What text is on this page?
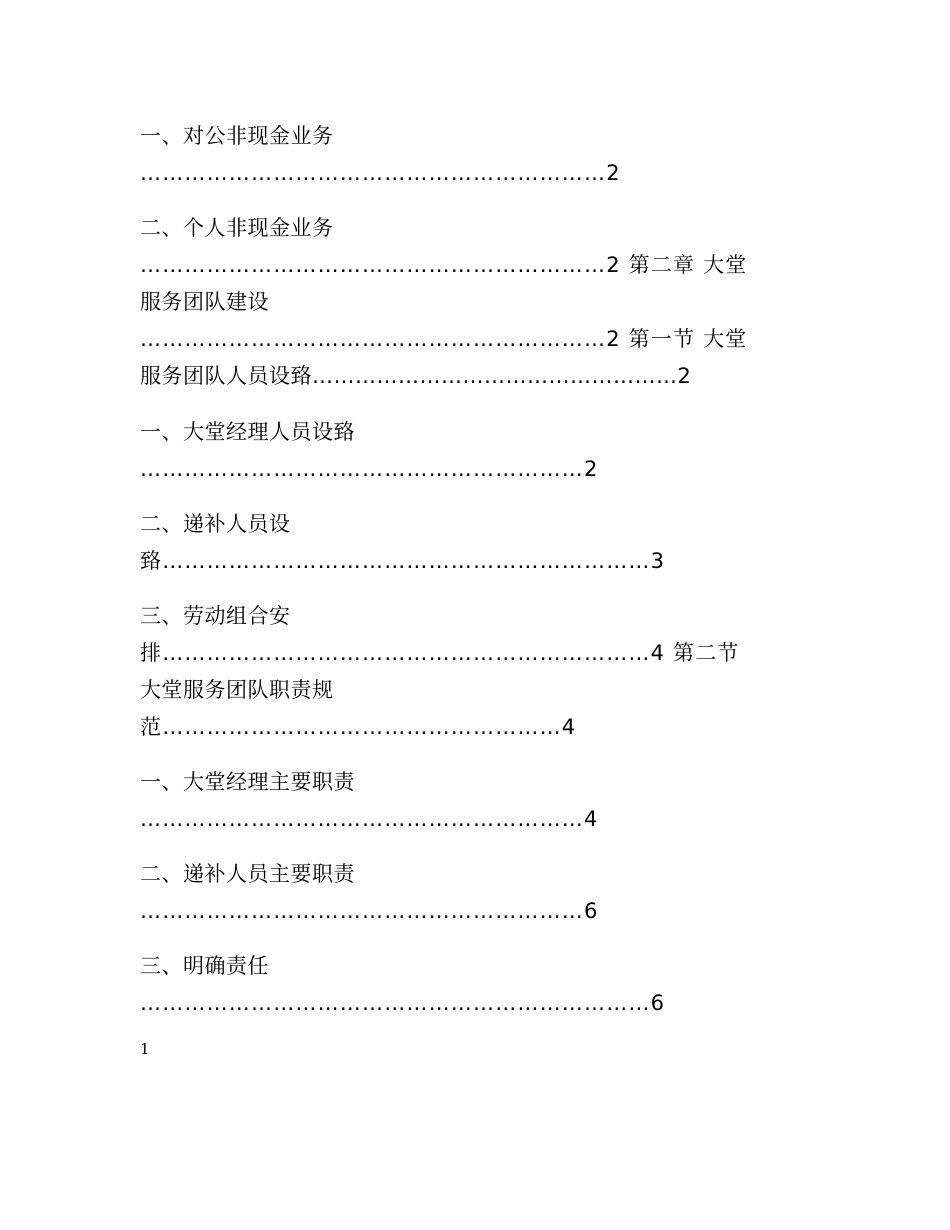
一、对公非现金业务
………………………………………………………2
二、个人非现金业务
………………………………………………………2 第二章 大堂
服务团队建设
………………………………………………………2 第一节 大堂
服务团队人员设臵……………………………………………2
一、大堂经理人员设臵
……………………………………………………2
二、递补人员设
臵…………………………………………………………3
三、劳动组合安
排…………………………………………………………4 第二节
大堂服务团队职责规
范………………………………………………4
一、大堂经理主要职责
……………………………………………………4
二、递补人员主要职责
……………………………………………………6
三、明确责任
……………………………………………………………6
1
